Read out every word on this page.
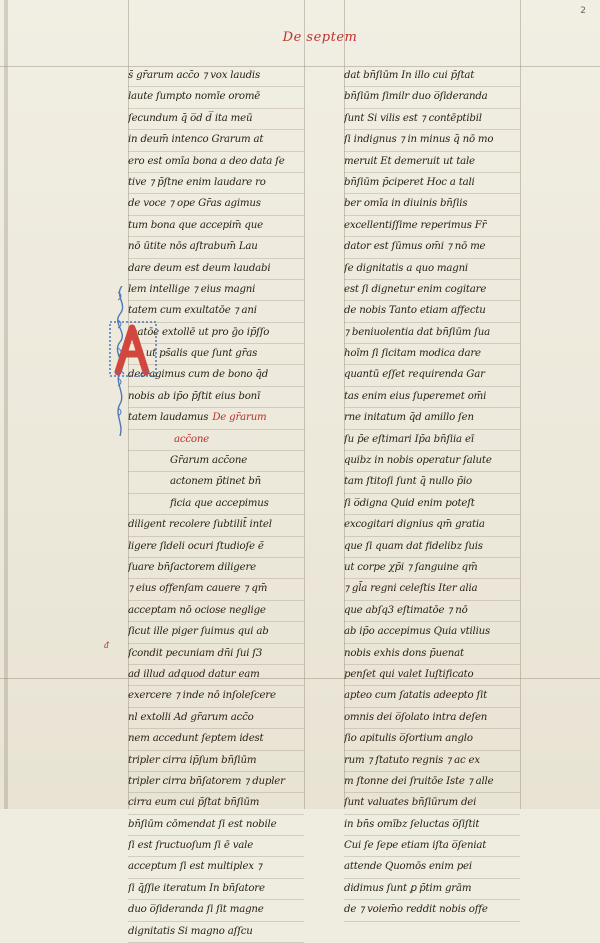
2
De septem
s̄ gr̄arum acc̄o ⁊ vox laudis
laute ſumpto nomīe oromē
ſecundum q̄ o̅d d̅ ita meū
in deum̄ intenco Grarum at
ero est omīa bona a deo data ſe
tive ⁊ p̄ſtne enim laudare ro
de voce ⁊ ope Gr̄as agimus
tum bona que accepim̄ que
nō ūtite nōs aſtrabum̄ Lau
dare deum est deum laudabi
lem intellige ⁊ eius magni
tatem cum exultatōe ⁊ ani
matōe extollē ut pro ḡo ip̄ſſo
est ut ps̄alis que ſunt gr̄as
deo agimus cum de bono q̄d
nobis ab ip̄o p̄ſtit eius bonī
tatem laudamus De gr̄arum
acc̄one
Gr̄arum acc̄one
actonem p̄tinet bn̄
ficia que accepimus
diligent recolere ſubtilit̄ intel
ligere ſideli ocuri ſtudioſe ẽ
ſuare bn̄ſactorem diligere
⁊ eius offenſam cauere ⁊ qm̄
acceptam nō ociose neglige
ſicut ille piger ſuimus qui ab
ſcondit pecuniam dn̄i ſui ſ3
ad illud adquod datur eam
exercere ⁊ inde nō inſoleſcere
nl extolli Ad gr̄arum acc̄o
nem accedunt ſeptem idest
tripler cirra ip̄ſum bn̄ſiūm
tripler cirra bn̄ſatorem ⁊ dupler
cirra eum cui p̄ſtat bn̄ſiūm
bn̄ſiūm cōmendat ſi est nobile
ſi est ſructuoſum ſi ē vale
acceptum ſi est multiplex ⁊
ſi q̄ſſie iteratum In bn̄ſatore
duo o̅ſideranda ſi ſit magne
dignitatis Si magno aſſcu
dat bn̄ſiūm In illo cui p̄ſtat
bn̄ſiūm ſimilr duo o̅ſideranda
ſunt Si vilis est ⁊ contēptibil
ſi indignus ⁊ in minus q̄ nō mo
meruit Et demeruit ut tale
bn̄ſiūm p̄ciperet Hoc a tali
ber omīa in diuinis bn̄ſiis
excellentiſſime reperimus Fr̄
dator est ſūmus om̄i ⁊ nō me
ſe dignitatis a quo magni
est ſi dignetur enim cogitare
de nobis Tanto etiam affectu
⁊ beniuolentia dat bn̄ſiūm ſua
hoīm ſi ſicitam modica dare
quantū eſſet requirenda Gar
tas enim eius ſuperemet om̄i
rne initatum q̄d amillo ſen
ſu p̄e eſtimari Ip̄a bn̄ſiia eī
quibz in nobis operatur ſalute
tam ſtitoſi ſunt q̄ nullo p̄io
ſi o̅digna Quid enim poteſt
excogitari dignius qm̄ gratia
que ſi quam dat fidelibz ſuis
ut corpe χp̄i ⁊ ſanguine qm̄
⁊ gl̄a regni celeſtis Iter alia
que abſq3 eſtimatōe ⁊ nō
ab ip̄o accepimus Quia vtilius
nobis exhis dons p̄uenat
penſet qui valet Iuſtificato
apteo cum ſatatis adeepto ſit
omnis dei o̅ſolato intra deſen
ſio apitulis o̅ſortium anglo
rum ⁊ ſtatuto regnis ⁊ ac ex
m ſtonne dei ſruitōe Iste ⁊ alle
ſunt valuates bn̄ſiūrum dei
in bn̄s omībz ſeluctas o̅ſiſtit
Cui ſe ſepe etiam iſta o̅ſeniat
attende Quomōs enim pei
didimus ſunt ꝑ p̄tim grām
de ⁊ voiem̄o reddit nobis offe
ᵭ
